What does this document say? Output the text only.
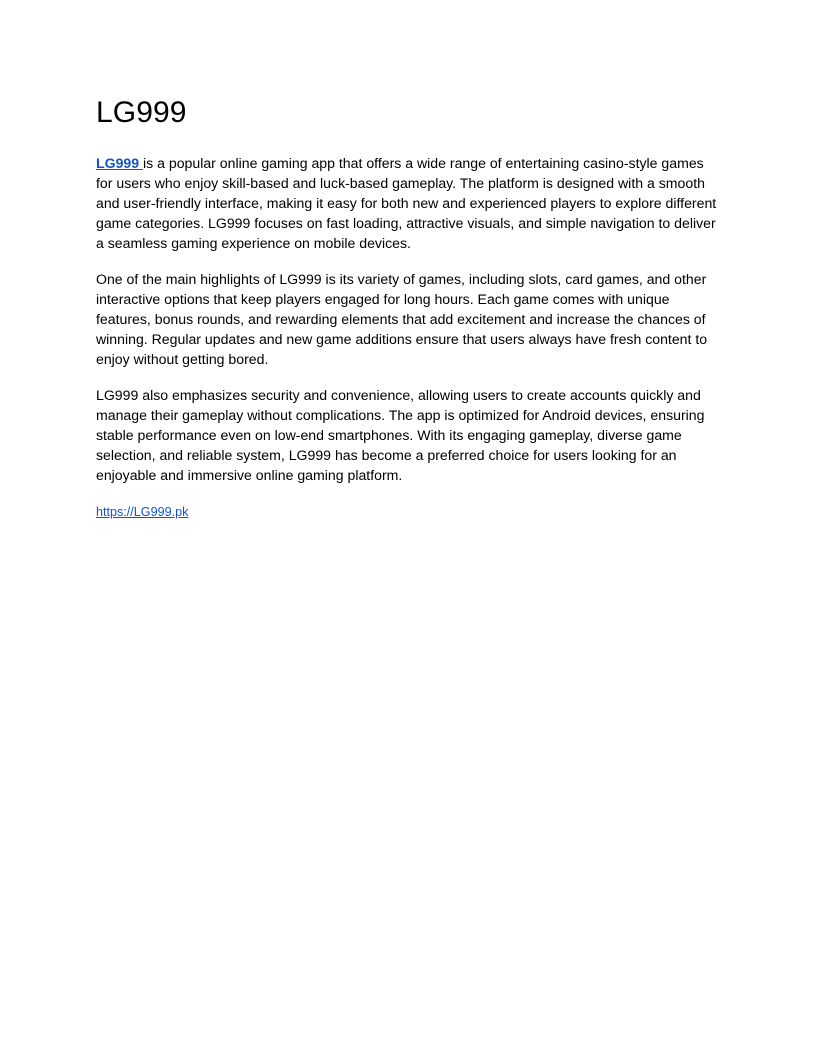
LG999

LG999 is a popular online gaming app that offers a wide range of entertaining casino-style games for users who enjoy skill-based and luck-based gameplay. The platform is designed with a smooth and user-friendly interface, making it easy for both new and experienced players to explore different game categories. LG999 focuses on fast loading, attractive visuals, and simple navigation to deliver a seamless gaming experience on mobile devices.

One of the main highlights of LG999 is its variety of games, including slots, card games, and other interactive options that keep players engaged for long hours. Each game comes with unique features, bonus rounds, and rewarding elements that add excitement and increase the chances of winning. Regular updates and new game additions ensure that users always have fresh content to enjoy without getting bored.

LG999 also emphasizes security and convenience, allowing users to create accounts quickly and manage their gameplay without complications. The app is optimized for Android devices, ensuring stable performance even on low-end smartphones. With its engaging gameplay, diverse game selection, and reliable system, LG999 has become a preferred choice for users looking for an enjoyable and immersive online gaming platform.

https://LG999.pk
